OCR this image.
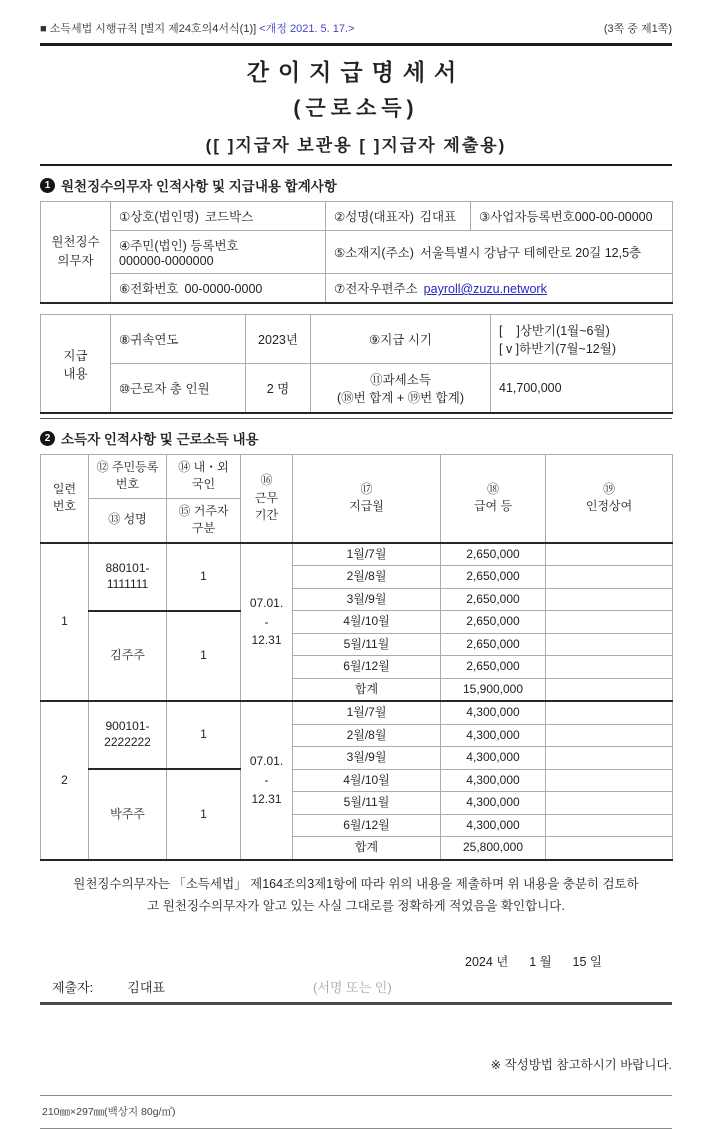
■ 소득세법 시행규칙 [별지 제24호의4서식(1)] <개정 2021. 5. 17.>	(3쪽 중 제1쪽)
간이지급명세서
(근로소득)
([ ]지급자 보관용 [ ]지급자 제출용)
1 원천징수의무자 인적사항 및 지급내용 합계사항
원천징수
의무자	①상호(법인명) 코드박스	②성명(대표자) 김대표	③사업자등록번호000-00-00000

	④주민(법인) 등록번호
000000-0000000	⑤소재지(주소) 서울특별시 강남구 테헤란로 20길 12,5층	
	⑥전화번호 00-0000-0000	⑦전자우편주소 payroll@zuzu.network	
지급
내용	⑧귀속연도	2023년	⑨지급 시기	[    ]상반기(1월~6월)
[ v ]하반기(7월~12월)
	⑩근로자 총 인원	2 명	⑪과세소득
(⑱번 합계 + ⑲번 합계)	41,700,000
2 소득자 인적사항 및 근로소득 내용
일련
번호	⑫ 주민등록
번호	⑭ 내・외
국인	⑯
근무
기간	⑰
지급월	⑱
급여 등	⑲
인정상여
	⑬ 성명	⑮ 거주자
구분				
1	880101-
1111111	1	07.01.
-
12.31	1월/7월	2,650,000	
				2월/8월	2,650,000	
				3월/9월	2,650,000	
	김주주	1		4월/10월	2,650,000	
				5월/11월	2,650,000	
				6월/12월	2,650,000	
				합계	15,900,000	
2	900101-
2222222	1	07.01.
-
12.31	1월/7월	4,300,000	
				2월/8월	4,300,000	
				3월/9월	4,300,000	
	박주주	1		4월/10월	4,300,000	
				5월/11월	4,300,000	
				6월/12월	4,300,000	
				합계	25,800,000	
원천징수의무자는 「소득세법」 제164조의3제1항에 따라 위의 내용을 제출하며 위 내용을 충분히 검토하
고 원천징수의무자가 알고 있는 사실 그대로를 정확하게 적었음을 확인합니다.
2024 년      1 월      15 일
제출자:	김대표	(서명 또는 인)
※ 작성방법 참고하시기 바랍니다.
210㎜×297㎜(백상지 80g/㎡)
